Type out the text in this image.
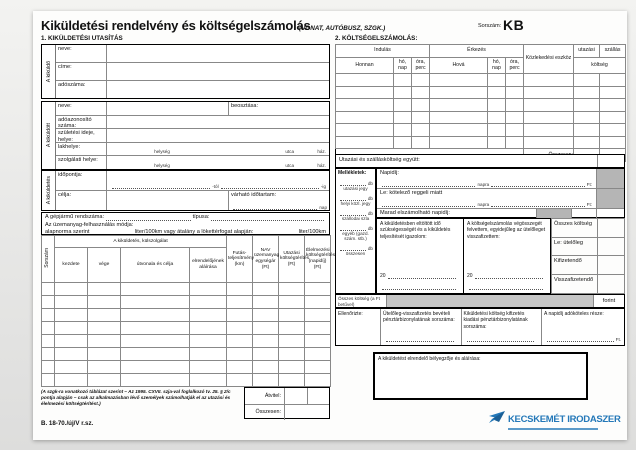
Kiküldetési rendelvény és költségelszámolás
1. KIKÜLDETÉSI UTASÍTÁS
(VONAT, AUTÓBUSZ, SZGK.)	Sorszám: KB
2. KÖLTSÉGELSZÁMOLÁS:
A kiküldő
neve:
címe:
adószáma:
A kiküldött
neve:	beosztása:
adóazonosító száma:
születési ideje, helye:
lakhelye:
helység	utca	ház.
szolgálati helye:
helység	utca	ház.
A kiküldetés
időpontja:
-tól	-ig
célja:	várható időtartam:
nap
A gépjármű rendszáma:	típusa:
Az üzemanyag-felhasználás módja:
alapnorma szerint	liter/100km
vagy átalány a lökettérfogat alapján:	liter/100km
Sorszám	A kiküldetés, külszolgálat				Futás-teljesítmény (km)	NAV üzemanyag egységár (Ft)	Utazási költségtérítés (Ft)	Élelmezési költségtérítés (napidíj) (Ft)
	kezdete	vége	útvonala és célja	elrendelőjének aláírása				

(A szgk-ra vonatkozó táblázat szerint – Az 1995. CXVII. szja-val foglalkozó tv. 25. § 2/c pontja alapján – csak az alkalmazásban lévő személyek számolhatják el az utazási és élelmezési költségtérítést.)
Átvitel:
Összesen:
B. 18-70./új/V r.sz.
Indulás			Érkezés			Közlekedési eszköz	utazási	szállás
Honnan	hó, nap	óra, perc	Hová	hó, nap	óra, perc		költség	

Utazási és szállásköltség együtt:
Mellékletek:
db
utazási jegy
db
helyi közl. jegy
db
szállodai szla
db
egyéb (gazd. szám. stb.)
db
összesen
Napidíj:
napra	Ft:
Le: kötelező reggeli miatt
napra	Ft:
Marad elszámolható napidíj:
A kiküldetésben eltöltött idő szükségességét és a kiküldetés teljesítését igazolom:
20
A költségelszámolás végösszegét felvettem, egyidejűleg az útelőleget visszafizettem:
20
Összes költség
Le: útelőleg
Kifizetendő
Visszafizetendő
Összes költség (a Ft betűvel)	forint
Ellenőrizte:	Útelőleg-visszafizetés bevételi pénztárbizonylatának sorszáma:
Kiküldetési költség kifizetés kiadási pénztárbizonylatának sorszáma:
A napidíj adóköteles része:
Ft.
A kiküldetést elrendelő bélyegzője és aláírása:
KECSKEMÉT IRODASZER
